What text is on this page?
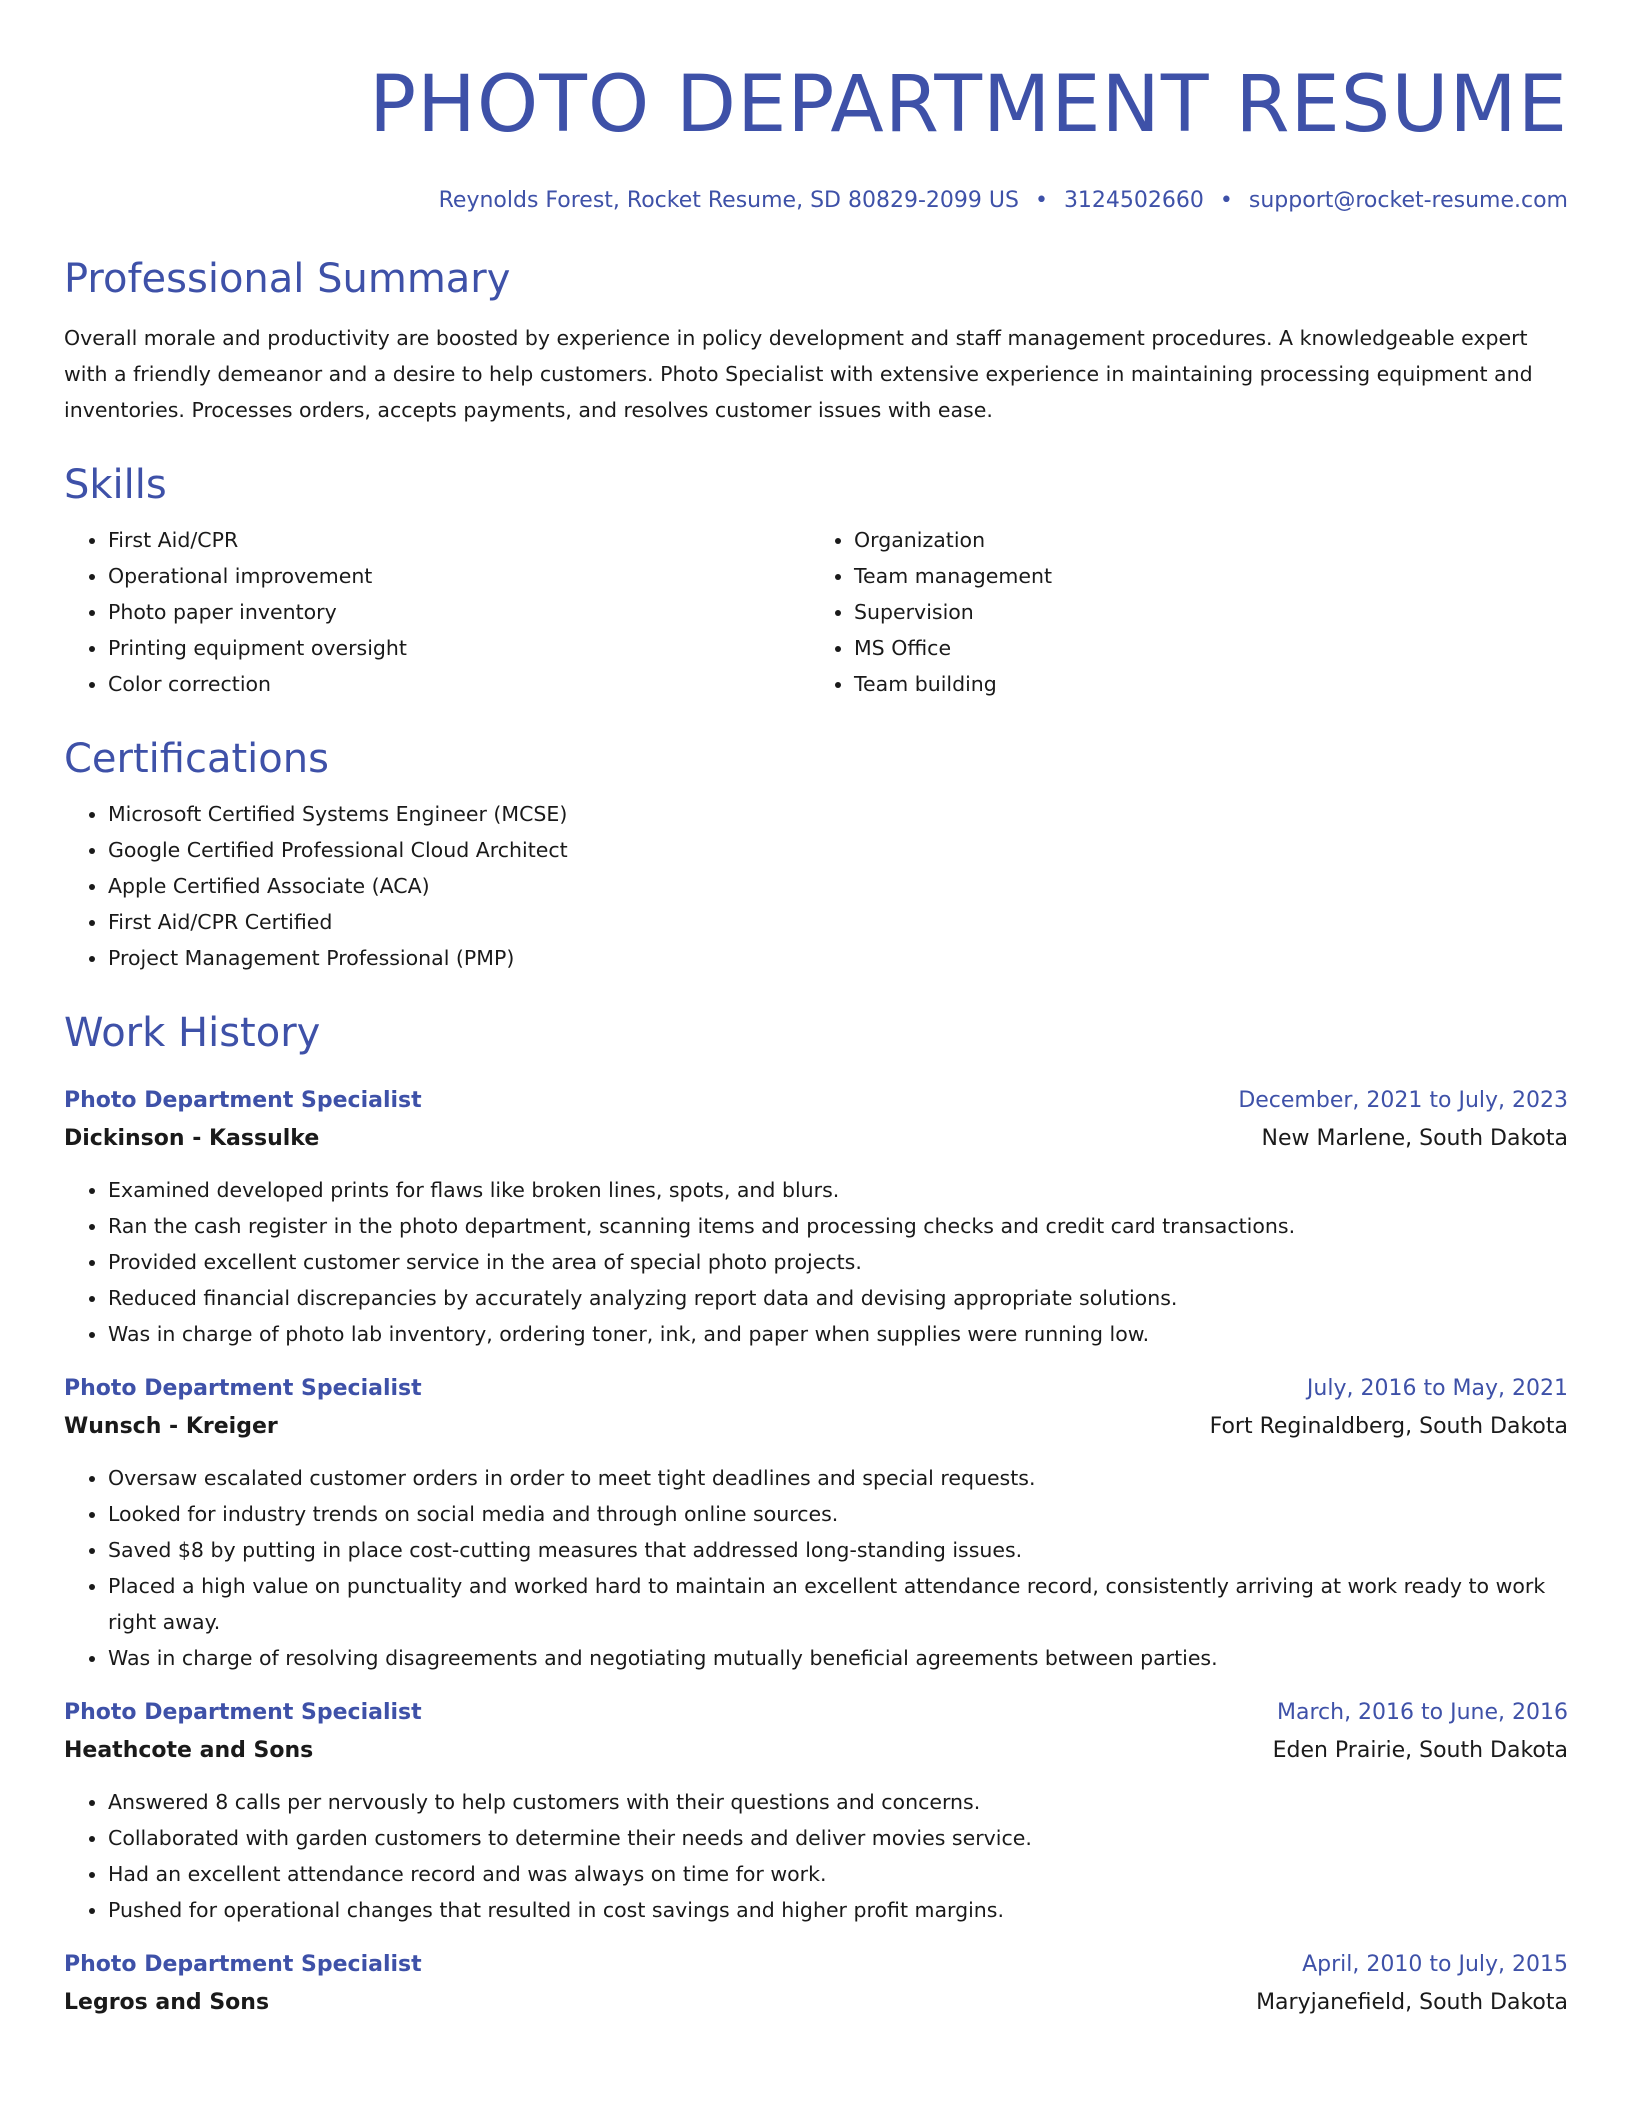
PHOTO DEPARTMENT RESUME
Reynolds Forest, Rocket Resume, SD 80829-2099 US • 3124502660 • support@rocket-resume.com
Professional Summary

Overall morale and productivity are boosted by experience in policy development and staff management procedures. A knowledgeable expert with a friendly demeanor and a desire to help customers. Photo Specialist with extensive experience in maintaining processing equipment and inventories. Processes orders, accepts payments, and resolves customer issues with ease.

Skills
• First Aid/CPR
• Operational improvement
• Photo paper inventory
• Printing equipment oversight
• Color correction
• Organization
• Team management
• Supervision
• MS Office
• Team building
Certifications
• Microsoft Certified Systems Engineer (MCSE)
• Google Certified Professional Cloud Architect
• Apple Certified Associate (ACA)
• First Aid/CPR Certified
• Project Management Professional (PMP)
Work History
Photo Department Specialist	December, 2021 to July, 2023
Dickinson - Kassulke	New Marlene, South Dakota
• Examined developed prints for flaws like broken lines, spots, and blurs.
• Ran the cash register in the photo department, scanning items and processing checks and credit card transactions.
• Provided excellent customer service in the area of special photo projects.
• Reduced financial discrepancies by accurately analyzing report data and devising appropriate solutions.
• Was in charge of photo lab inventory, ordering toner, ink, and paper when supplies were running low.
Photo Department Specialist	July, 2016 to May, 2021
Wunsch - Kreiger	Fort Reginaldberg, South Dakota
• Oversaw escalated customer orders in order to meet tight deadlines and special requests.
• Looked for industry trends on social media and through online sources.
• Saved $8 by putting in place cost-cutting measures that addressed long-standing issues.
• Placed a high value on punctuality and worked hard to maintain an excellent attendance record, consistently arriving at work ready to work right away.
• Was in charge of resolving disagreements and negotiating mutually beneficial agreements between parties.
Photo Department Specialist	March, 2016 to June, 2016
Heathcote and Sons	Eden Prairie, South Dakota
• Answered 8 calls per nervously to help customers with their questions and concerns.
• Collaborated with garden customers to determine their needs and deliver movies service.
• Had an excellent attendance record and was always on time for work.
• Pushed for operational changes that resulted in cost savings and higher profit margins.
Photo Department Specialist	April, 2010 to July, 2015
Legros and Sons	Maryjanefield, South Dakota
